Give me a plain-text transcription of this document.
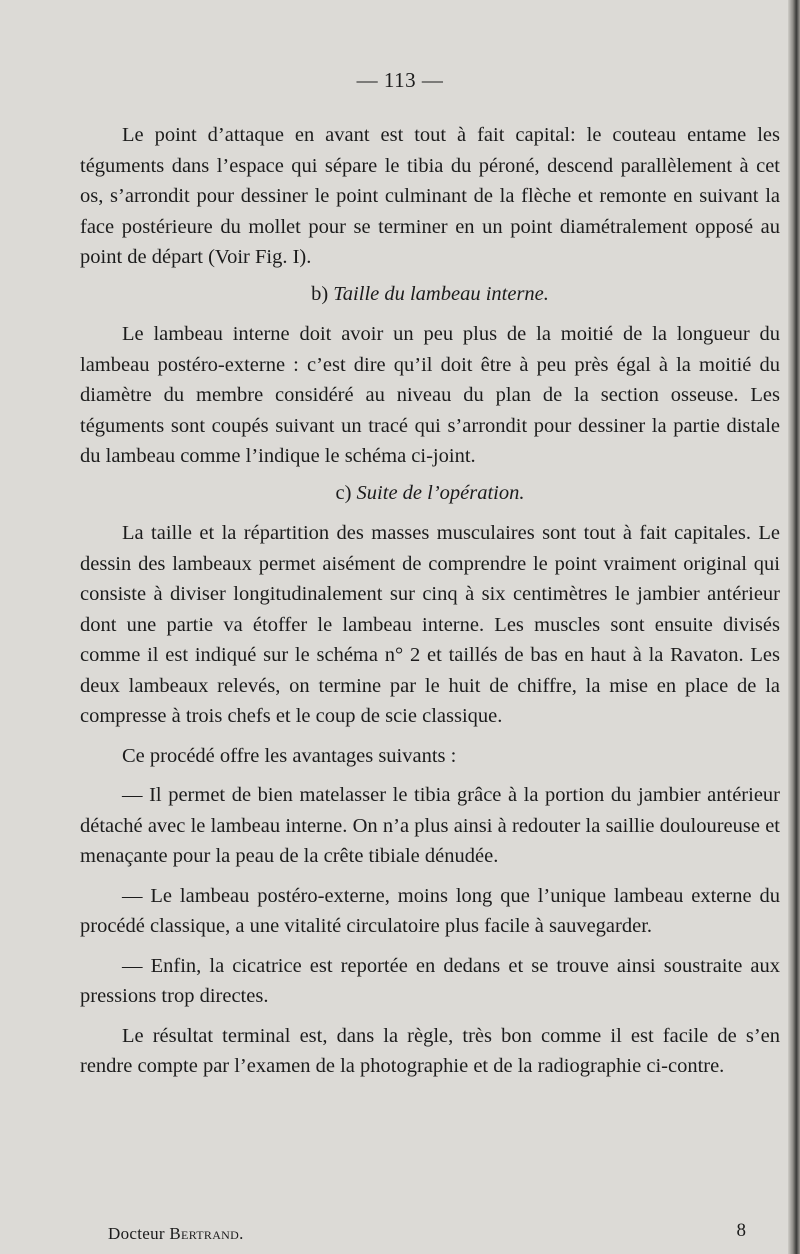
— 113 —

Le point d’attaque en avant est tout à fait capital: le couteau entame les téguments dans l’espace qui sépare le tibia du péroné, descend parallèlement à cet os, s’arrondit pour dessiner le point culminant de la flèche et remonte en suivant la face postérieure du mollet pour se terminer en un point diamétralement opposé au point de départ (Voir Fig. I).

b) Taille du lambeau interne.

Le lambeau interne doit avoir un peu plus de la moitié de la longueur du lambeau postéro-externe : c’est dire qu’il doit être à peu près égal à la moitié du diamètre du membre considéré au niveau du plan de la section osseuse. Les téguments sont coupés suivant un tracé qui s’arrondit pour dessiner la partie distale du lambeau comme l’indique le schéma ci-joint.

c) Suite de l’opération.

La taille et la répartition des masses musculaires sont tout à fait capitales. Le dessin des lambeaux permet aisément de comprendre le point vraiment original qui consiste à diviser longitudinalement sur cinq à six centimètres le jambier antérieur dont une partie va étoffer le lambeau interne. Les muscles sont ensuite divisés comme il est indiqué sur le schéma n° 2 et taillés de bas en haut à la Ravaton. Les deux lambeaux relevés, on termine par le huit de chiffre, la mise en place de la compresse à trois chefs et le coup de scie classique.

Ce procédé offre les avantages suivants :

— Il permet de bien matelasser le tibia grâce à la portion du jambier antérieur détaché avec le lambeau interne. On n’a plus ainsi à redouter la saillie douloureuse et menaçante pour la peau de la crête tibiale dénudée.

— Le lambeau postéro-externe, moins long que l’unique lambeau externe du procédé classique, a une vitalité circulatoire plus facile à sauvegarder.

— Enfin, la cicatrice est reportée en dedans et se trouve ainsi soustraite aux pressions trop directes.

Le résultat terminal est, dans la règle, très bon comme il est facile de s’en rendre compte par l’examen de la photographie et de la radiographie ci-contre.

Docteur Bertrand.	8
